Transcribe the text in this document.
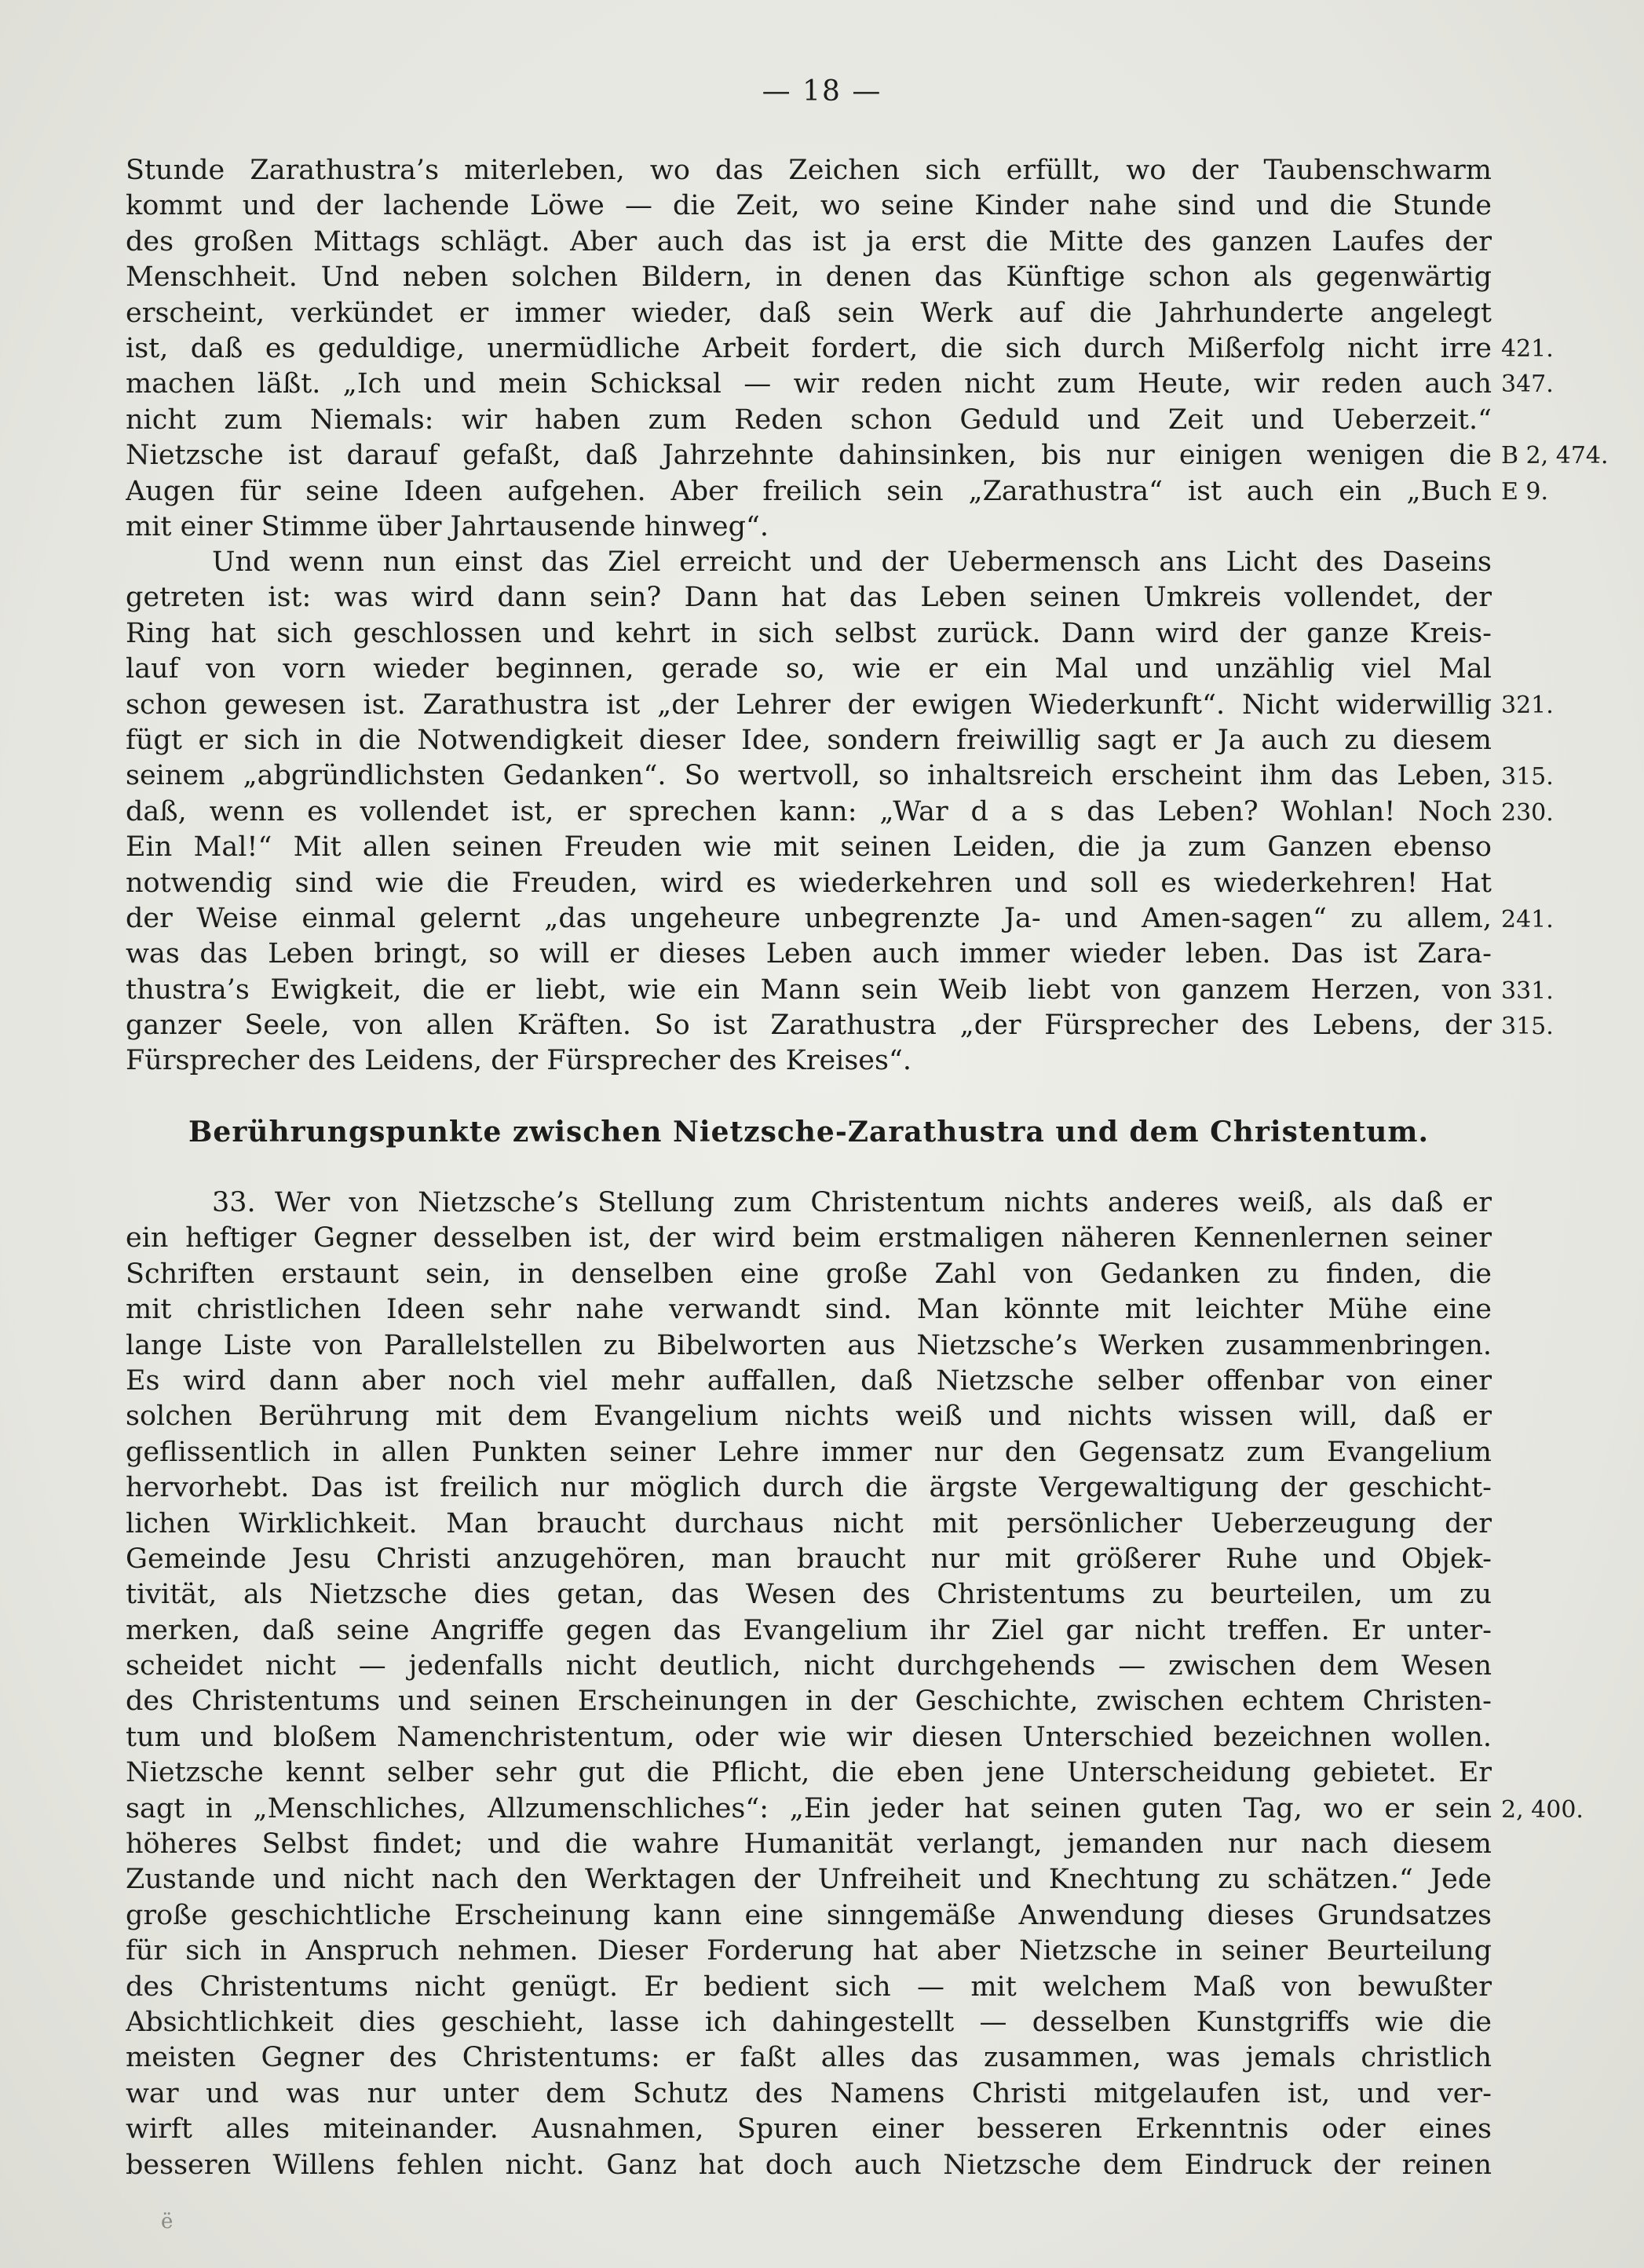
— 18 —
Stunde Zarathustra’s miterleben, wo das Zeichen sich erfüllt, wo der Taubenschwarm
kommt und der lachende Löwe — die Zeit, wo seine Kinder nahe sind und die Stunde
des großen Mittags schlägt. Aber auch das ist ja erst die Mitte des ganzen Laufes der
Menschheit. Und neben solchen Bildern, in denen das Künftige schon als gegenwärtig
erscheint, verkündet er immer wieder, daß sein Werk auf die Jahrhunderte angelegt
ist, daß es geduldige, unermüdliche Arbeit fordert, die sich durch Mißerfolg nicht irre
machen läßt. „Ich und mein Schicksal — wir reden nicht zum Heute, wir reden auch
nicht zum Niemals: wir haben zum Reden schon Geduld und Zeit und Ueberzeit.“
Nietzsche ist darauf gefaßt, daß Jahrzehnte dahinsinken, bis nur einigen wenigen die
Augen für seine Ideen aufgehen. Aber freilich sein „Zarathustra“ ist auch ein „Buch
mit einer Stimme über Jahrtausende hinweg“.
Und wenn nun einst das Ziel erreicht und der Uebermensch ans Licht des Daseins
getreten ist: was wird dann sein? Dann hat das Leben seinen Umkreis vollendet, der
Ring hat sich geschlossen und kehrt in sich selbst zurück. Dann wird der ganze Kreis-
lauf von vorn wieder beginnen, gerade so, wie er ein Mal und unzählig viel Mal
schon gewesen ist. Zarathustra ist „der Lehrer der ewigen Wiederkunft“. Nicht widerwillig
fügt er sich in die Notwendigkeit dieser Idee, sondern freiwillig sagt er Ja auch zu diesem
seinem „abgründlichsten Gedanken“. So wertvoll, so inhaltsreich erscheint ihm das Leben,
daß, wenn es vollendet ist, er sprechen kann: „War d a s das Leben? Wohlan! Noch
Ein Mal!“ Mit allen seinen Freuden wie mit seinen Leiden, die ja zum Ganzen ebenso
notwendig sind wie die Freuden, wird es wiederkehren und soll es wiederkehren! Hat
der Weise einmal gelernt „das ungeheure unbegrenzte Ja- und Amen-sagen“ zu allem,
was das Leben bringt, so will er dieses Leben auch immer wieder leben. Das ist Zara-
thustra’s Ewigkeit, die er liebt, wie ein Mann sein Weib liebt von ganzem Herzen, von
ganzer Seele, von allen Kräften. So ist Zarathustra „der Fürsprecher des Lebens, der
Fürsprecher des Leidens, der Fürsprecher des Kreises“.
Berührungspunkte zwischen Nietzsche-Zarathustra und dem Christentum.
33. Wer von Nietzsche’s Stellung zum Christentum nichts anderes weiß, als daß er
ein heftiger Gegner desselben ist, der wird beim erstmaligen näheren Kennenlernen seiner
Schriften erstaunt sein, in denselben eine große Zahl von Gedanken zu finden, die
mit christlichen Ideen sehr nahe verwandt sind. Man könnte mit leichter Mühe eine
lange Liste von Parallelstellen zu Bibelworten aus Nietzsche’s Werken zusammenbringen.
Es wird dann aber noch viel mehr auffallen, daß Nietzsche selber offenbar von einer
solchen Berührung mit dem Evangelium nichts weiß und nichts wissen will, daß er
geflissentlich in allen Punkten seiner Lehre immer nur den Gegensatz zum Evangelium
hervorhebt. Das ist freilich nur möglich durch die ärgste Vergewaltigung der geschicht-
lichen Wirklichkeit. Man braucht durchaus nicht mit persönlicher Ueberzeugung der
Gemeinde Jesu Christi anzugehören, man braucht nur mit größerer Ruhe und Objek-
tivität, als Nietzsche dies getan, das Wesen des Christentums zu beurteilen, um zu
merken, daß seine Angriffe gegen das Evangelium ihr Ziel gar nicht treffen. Er unter-
scheidet nicht — jedenfalls nicht deutlich, nicht durchgehends — zwischen dem Wesen
des Christentums und seinen Erscheinungen in der Geschichte, zwischen echtem Christen-
tum und bloßem Namenchristentum, oder wie wir diesen Unterschied bezeichnen wollen.
Nietzsche kennt selber sehr gut die Pflicht, die eben jene Unterscheidung gebietet. Er
sagt in „Menschliches, Allzumenschliches“: „Ein jeder hat seinen guten Tag, wo er sein
höheres Selbst findet; und die wahre Humanität verlangt, jemanden nur nach diesem
Zustande und nicht nach den Werktagen der Unfreiheit und Knechtung zu schätzen.“ Jede
große geschichtliche Erscheinung kann eine sinngemäße Anwendung dieses Grundsatzes
für sich in Anspruch nehmen. Dieser Forderung hat aber Nietzsche in seiner Beurteilung
des Christentums nicht genügt. Er bedient sich — mit welchem Maß von bewußter
Absichtlichkeit dies geschieht, lasse ich dahingestellt — desselben Kunstgriffs wie die
meisten Gegner des Christentums: er faßt alles das zusammen, was jemals christlich
war und was nur unter dem Schutz des Namens Christi mitgelaufen ist, und ver-
wirft alles miteinander. Ausnahmen, Spuren einer besseren Erkenntnis oder eines
besseren Willens fehlen nicht. Ganz hat doch auch Nietzsche dem Eindruck der reinen
421.
347.
B 2, 474.
E 9.
321.
315.
230.
241.
331.
315.
2, 400.
ë
